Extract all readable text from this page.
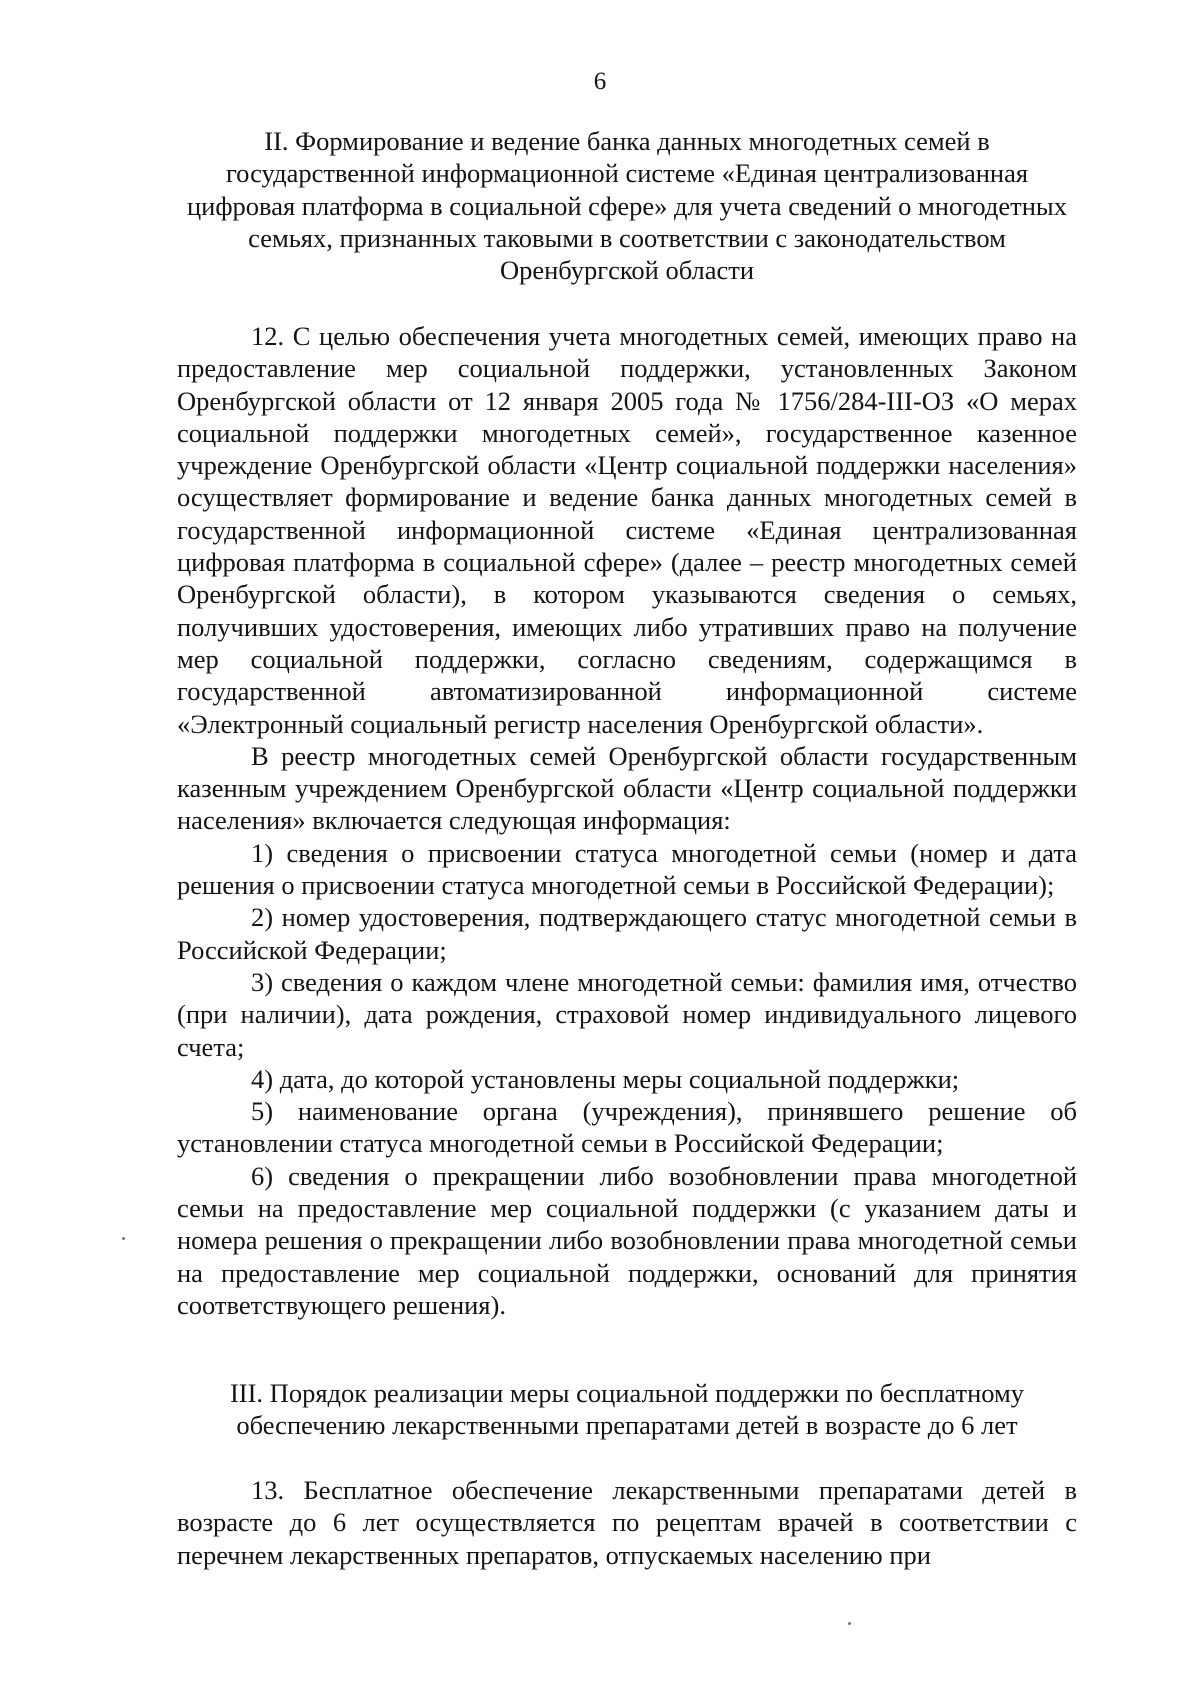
6
II. Формирование и ведение банка данных многодетных семей в
государственной информационной системе «Единая централизованная
цифровая платформа в социальной сфере» для учета сведений о многодетных
семьях, признанных таковыми в соответствии с законодательством
Оренбургской области

12. С целью обеспечения учета многодетных семей, имеющих право на предоставление мер социальной поддержки, установленных Законом Оренбургской области от 12 января 2005 года № 1756/284-III-ОЗ «О мерах социальной поддержки многодетных семей», государственное казенное учреждение Оренбургской области «Центр социальной поддержки населения» осуществляет формирование и ведение банка данных многодетных семей в государственной информационной системе «Единая централизованная цифровая платформа в социальной сфере» (далее – реестр многодетных семей Оренбургской области), в котором указываются сведения о семьях, получивших удостоверения, имеющих либо утративших право на получение мер социальной поддержки, согласно сведениям, содержащимся в государственной автоматизированной информационной системе «Электронный социальный регистр населения Оренбургской области».

В реестр многодетных семей Оренбургской области государственным казенным учреждением Оренбургской области «Центр социальной поддержки населения» включается следующая информация:

1) сведения о присвоении статуса многодетной семьи (номер и дата решения о присвоении статуса многодетной семьи в Российской Федерации);

2) номер удостоверения, подтверждающего статус многодетной семьи в Российской Федерации;

3) сведения о каждом члене многодетной семьи: фамилия имя, отчество (при наличии), дата рождения, страховой номер индивидуального лицевого счета;

4) дата, до которой установлены меры социальной поддержки;

5) наименование органа (учреждения), принявшего решение об установлении статуса многодетной семьи в Российской Федерации;

6) сведения о прекращении либо возобновлении права многодетной семьи на предоставление мер социальной поддержки (с указанием даты и номера решения о прекращении либо возобновлении права многодетной семьи на предоставление мер социальной поддержки, оснований для принятия соответствующего решения).

III. Порядок реализации меры социальной поддержки по бесплатному
обеспечению лекарственными препаратами детей в возрасте до 6 лет

13. Бесплатное обеспечение лекарственными препаратами детей в возрасте до 6 лет осуществляется по рецептам врачей в соответствии с перечнем лекарственных препаратов, отпускаемых населению при
